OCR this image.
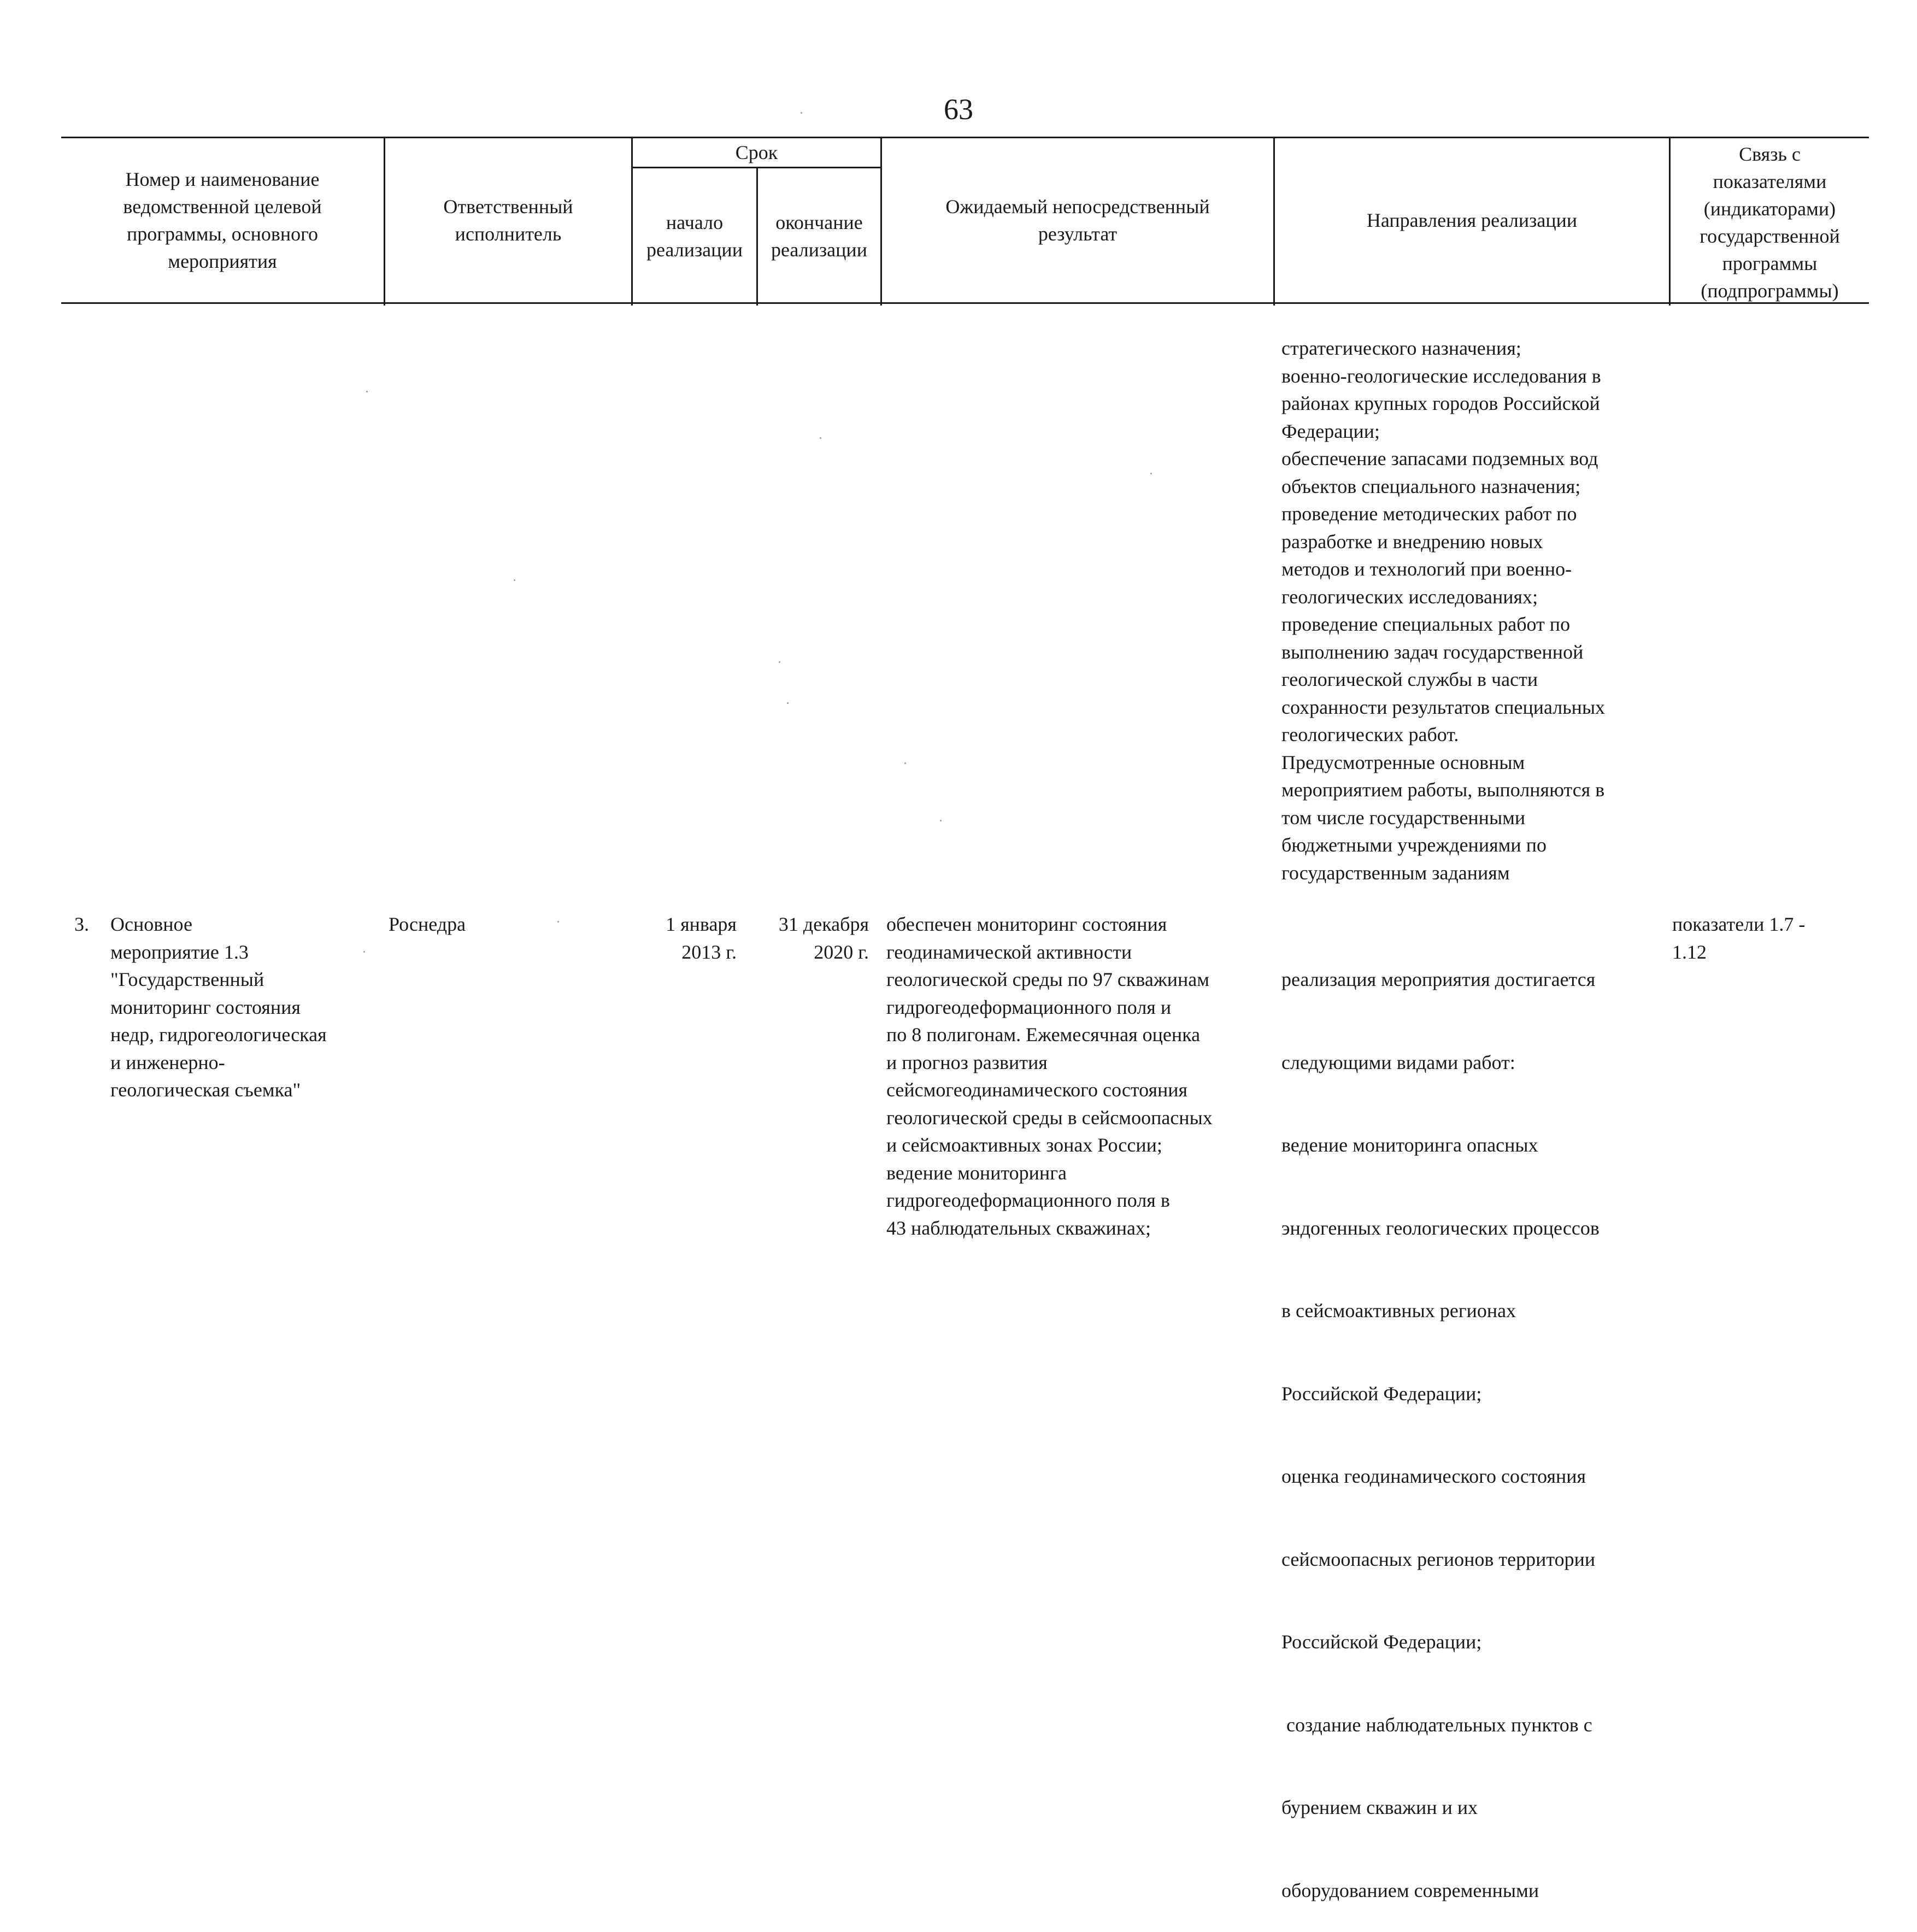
63
Номер и наименование
ведомственной целевой
программы, основного
мероприятия
Ответственный
исполнитель
Срок
начало
реализации
окончание
реализации
Ожидаемый непосредственный
результат
Направления реализации
Связь с
показателями
(индикаторами)
государственной
программы
(подпрограммы)
стратегического назначения;
военно-геологические исследования в
районах крупных городов Российской
Федерации;
обеспечение запасами подземных вод
объектов специального назначения;
проведение методических работ по
разработке и внедрению новых
методов и технологий при военно-
геологических исследованиях;
проведение специальных работ по
выполнению задач государственной
геологической службы в части
сохранности результатов специальных
геологических работ.
Предусмотренные основным
мероприятием работы, выполняются в
том числе государственными
бюджетными учреждениями по
государственным заданиям
3. Основное
мероприятие 1.3
"Государственный
мониторинг состояния
недр, гидрогеологическая
и инженерно-
геологическая съемка"
Роснедра	1 января
2013 г.
31 декабря
2020 г.
обеспечен мониторинг состояния
геодинамической активности
геологической среды по 97 скважинам
гидрогеодеформационного поля и
по 8 полигонам. Ежемесячная оценка
и прогноз развития
сейсмогеодинамического состояния
геологической среды в сейсмоопасных
и сейсмоактивных зонах России;
ведение мониторинга
гидрогеодеформационного поля в
43 наблюдательных скважинах;

реализация мероприятия достигается

следующими видами работ:

ведение мониторинга опасных

эндогенных геологических процессов

в сейсмоактивных регионах

Российской Федерации;

оценка геодинамического состояния

сейсмоопасных регионов территории

Российской Федерации;

создание наблюдательных пунктов с

бурением скважин и их

оборудованием современными

показатели 1.7 -
1.12
